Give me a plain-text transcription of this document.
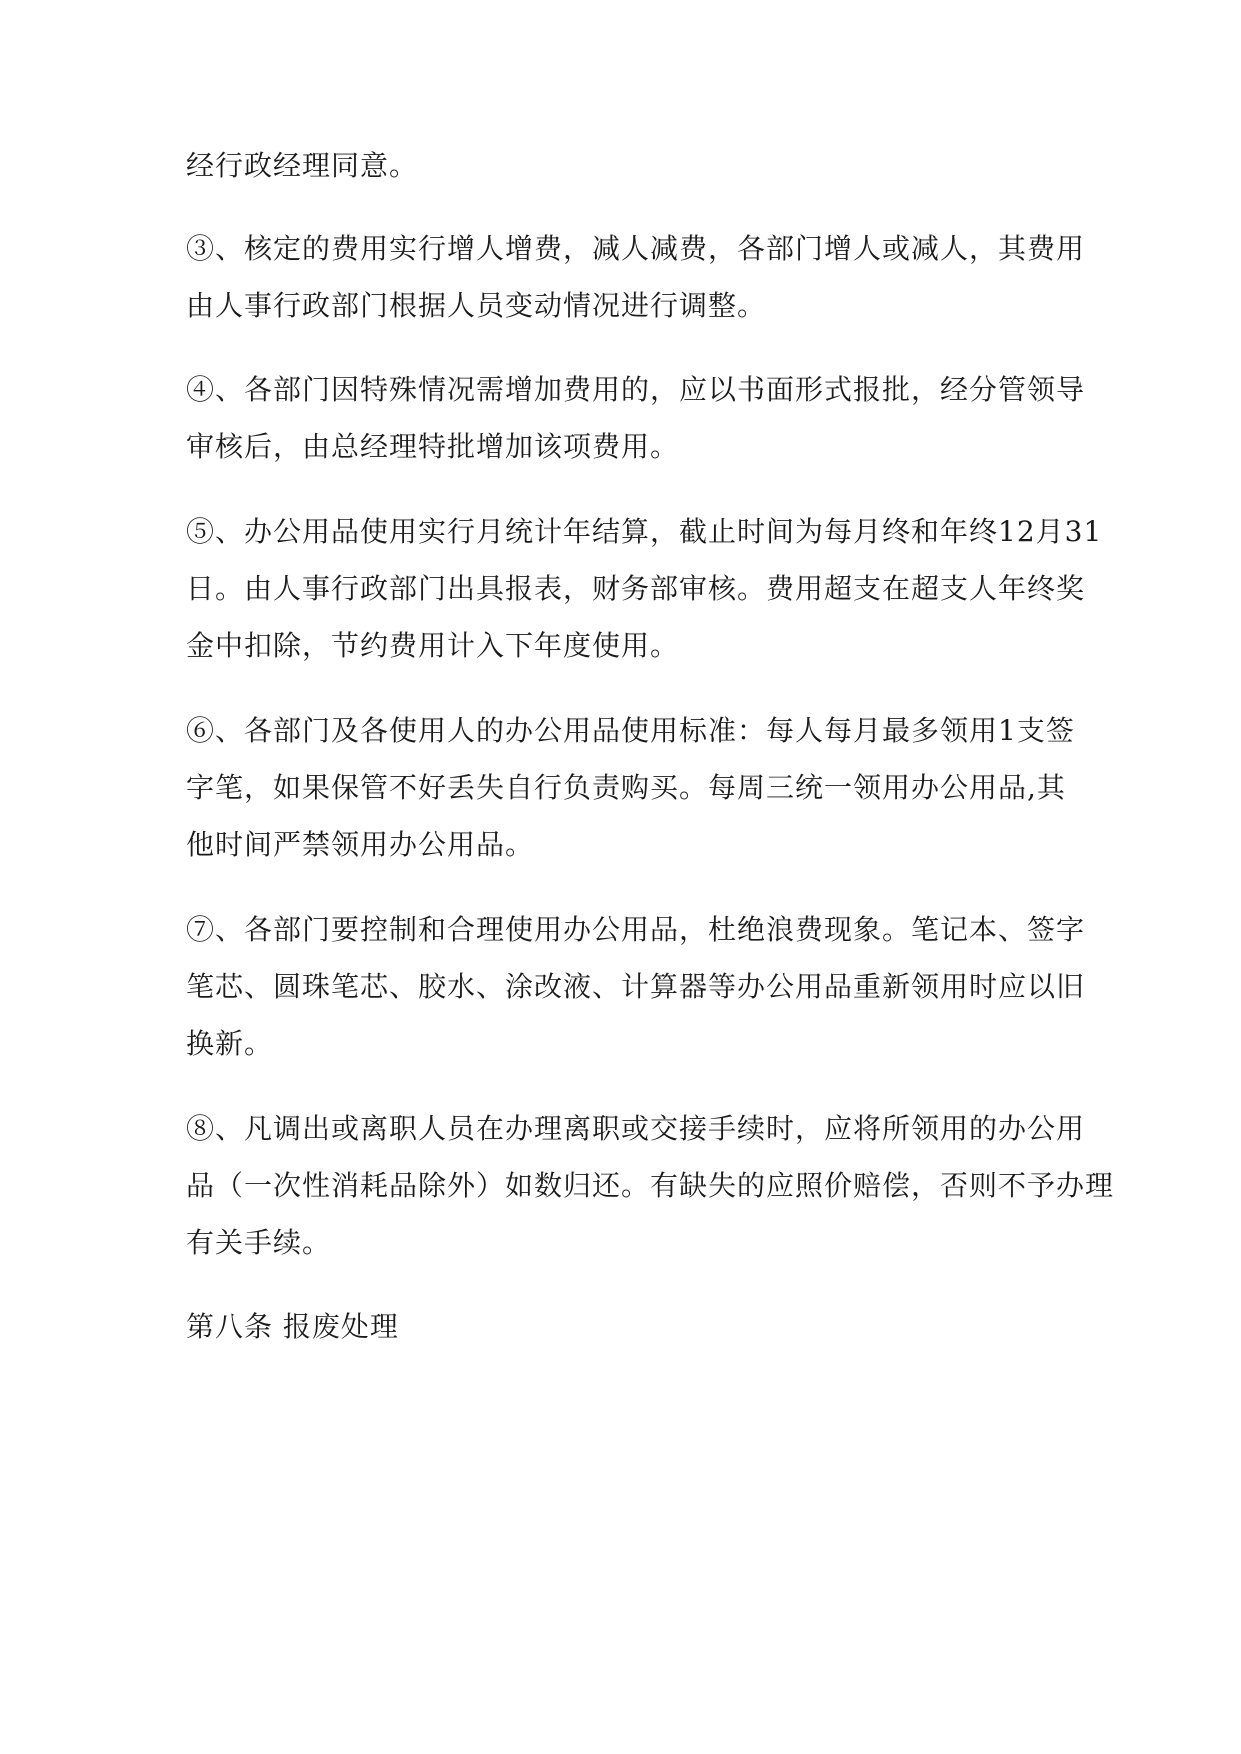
经行政经理同意。
③、核定的费用实行增人增费，减人减费，各部门增人或减人，其费用
由人事行政部门根据人员变动情况进行调整。
④、各部门因特殊情况需增加费用的，应以书面形式报批，经分管领导
审核后，由总经理特批增加该项费用。
⑤、办公用品使用实行月统计年结算，截止时间为每月终和年终12月31
日。由人事行政部门出具报表，财务部审核。费用超支在超支人年终奖
金中扣除，节约费用计入下年度使用。
⑥、各部门及各使用人的办公用品使用标准：每人每月最多领用1支签
字笔，如果保管不好丢失自行负责购买。每周三统一领用办公用品,其
他时间严禁领用办公用品。
⑦、各部门要控制和合理使用办公用品，杜绝浪费现象。笔记本、签字
笔芯、圆珠笔芯、胶水、涂改液、计算器等办公用品重新领用时应以旧
换新。
⑧、凡调出或离职人员在办理离职或交接手续时，应将所领用的办公用
品（一次性消耗品除外）如数归还。有缺失的应照价赔偿，否则不予办理
有关手续。
第八条 报废处理
